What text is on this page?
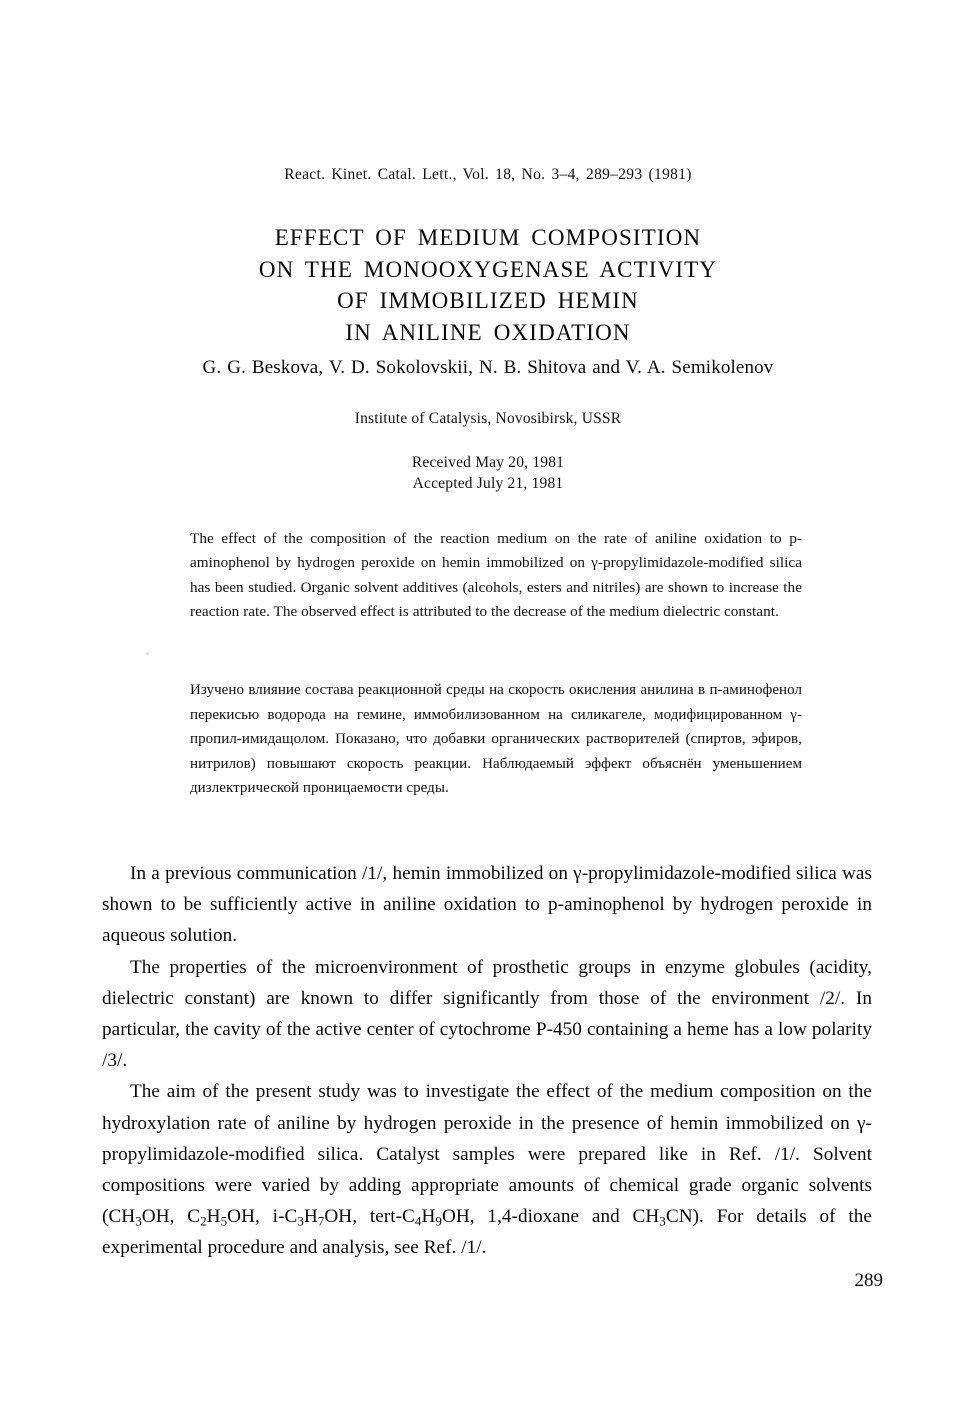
React. Kinet. Catal. Lett., Vol. 18, No. 3–4, 289–293 (1981)
EFFECT OF MEDIUM COMPOSITION
ON THE MONOOXYGENASE ACTIVITY
OF IMMOBILIZED HEMIN
IN ANILINE OXIDATION
G. G. Beskova, V. D. Sokolovskii, N. B. Shitova and V. A. Semikolenov
Institute of Catalysis, Novosibirsk, USSR
Received May 20, 1981
Accepted July 21, 1981

The effect of the composition of the reaction medium on the rate of aniline oxidation to p-aminophenol by hydrogen peroxide on hemin immobilized on γ-propylimidazole-modified silica has been studied. Organic solvent additives (alcohols, esters and nitriles) are shown to increase the reaction rate. The observed effect is attributed to the decrease of the medium dielectric constant.

Изучено влияние состава реакционной среды на скорость окисления анилина в п-аминофенол перекисью водорода на гемине, иммобилизованном на силикагеле, модифицированном γ-пропил-имидащолом. Показано, что добавки органических растворителей (спиртов, эфиров, нитрилов) повышают скорость реакции. Наблюдаемый эффект объяснён уменьшением дизлектрической проницаемости среды.

In a previous communication /1/, hemin immobilized on γ-propylimidazole-modified silica was shown to be sufficiently active in aniline oxidation to p-aminophenol by hydrogen peroxide in aqueous solution.

The properties of the microenvironment of prosthetic groups in enzyme globules (acidity, dielectric constant) are known to differ significantly from those of the environment /2/. In particular, the cavity of the active center of cytochrome P-450 containing a heme has a low polarity /3/.

The aim of the present study was to investigate the effect of the medium composition on the hydroxylation rate of aniline by hydrogen peroxide in the presence of hemin immobilized on γ-propylimidazole-modified silica. Catalyst samples were prepared like in Ref. /1/. Solvent compositions were varied by adding appropriate amounts of chemical grade organic solvents ($CH_3OH$, $C_2H_5OH$, $i-C_3H_7OH$, tert-$C_4H_9OH$, 1,4-dioxane and $CH_3CN$). For details of the experimental procedure and analysis, see Ref. /1/.

289
